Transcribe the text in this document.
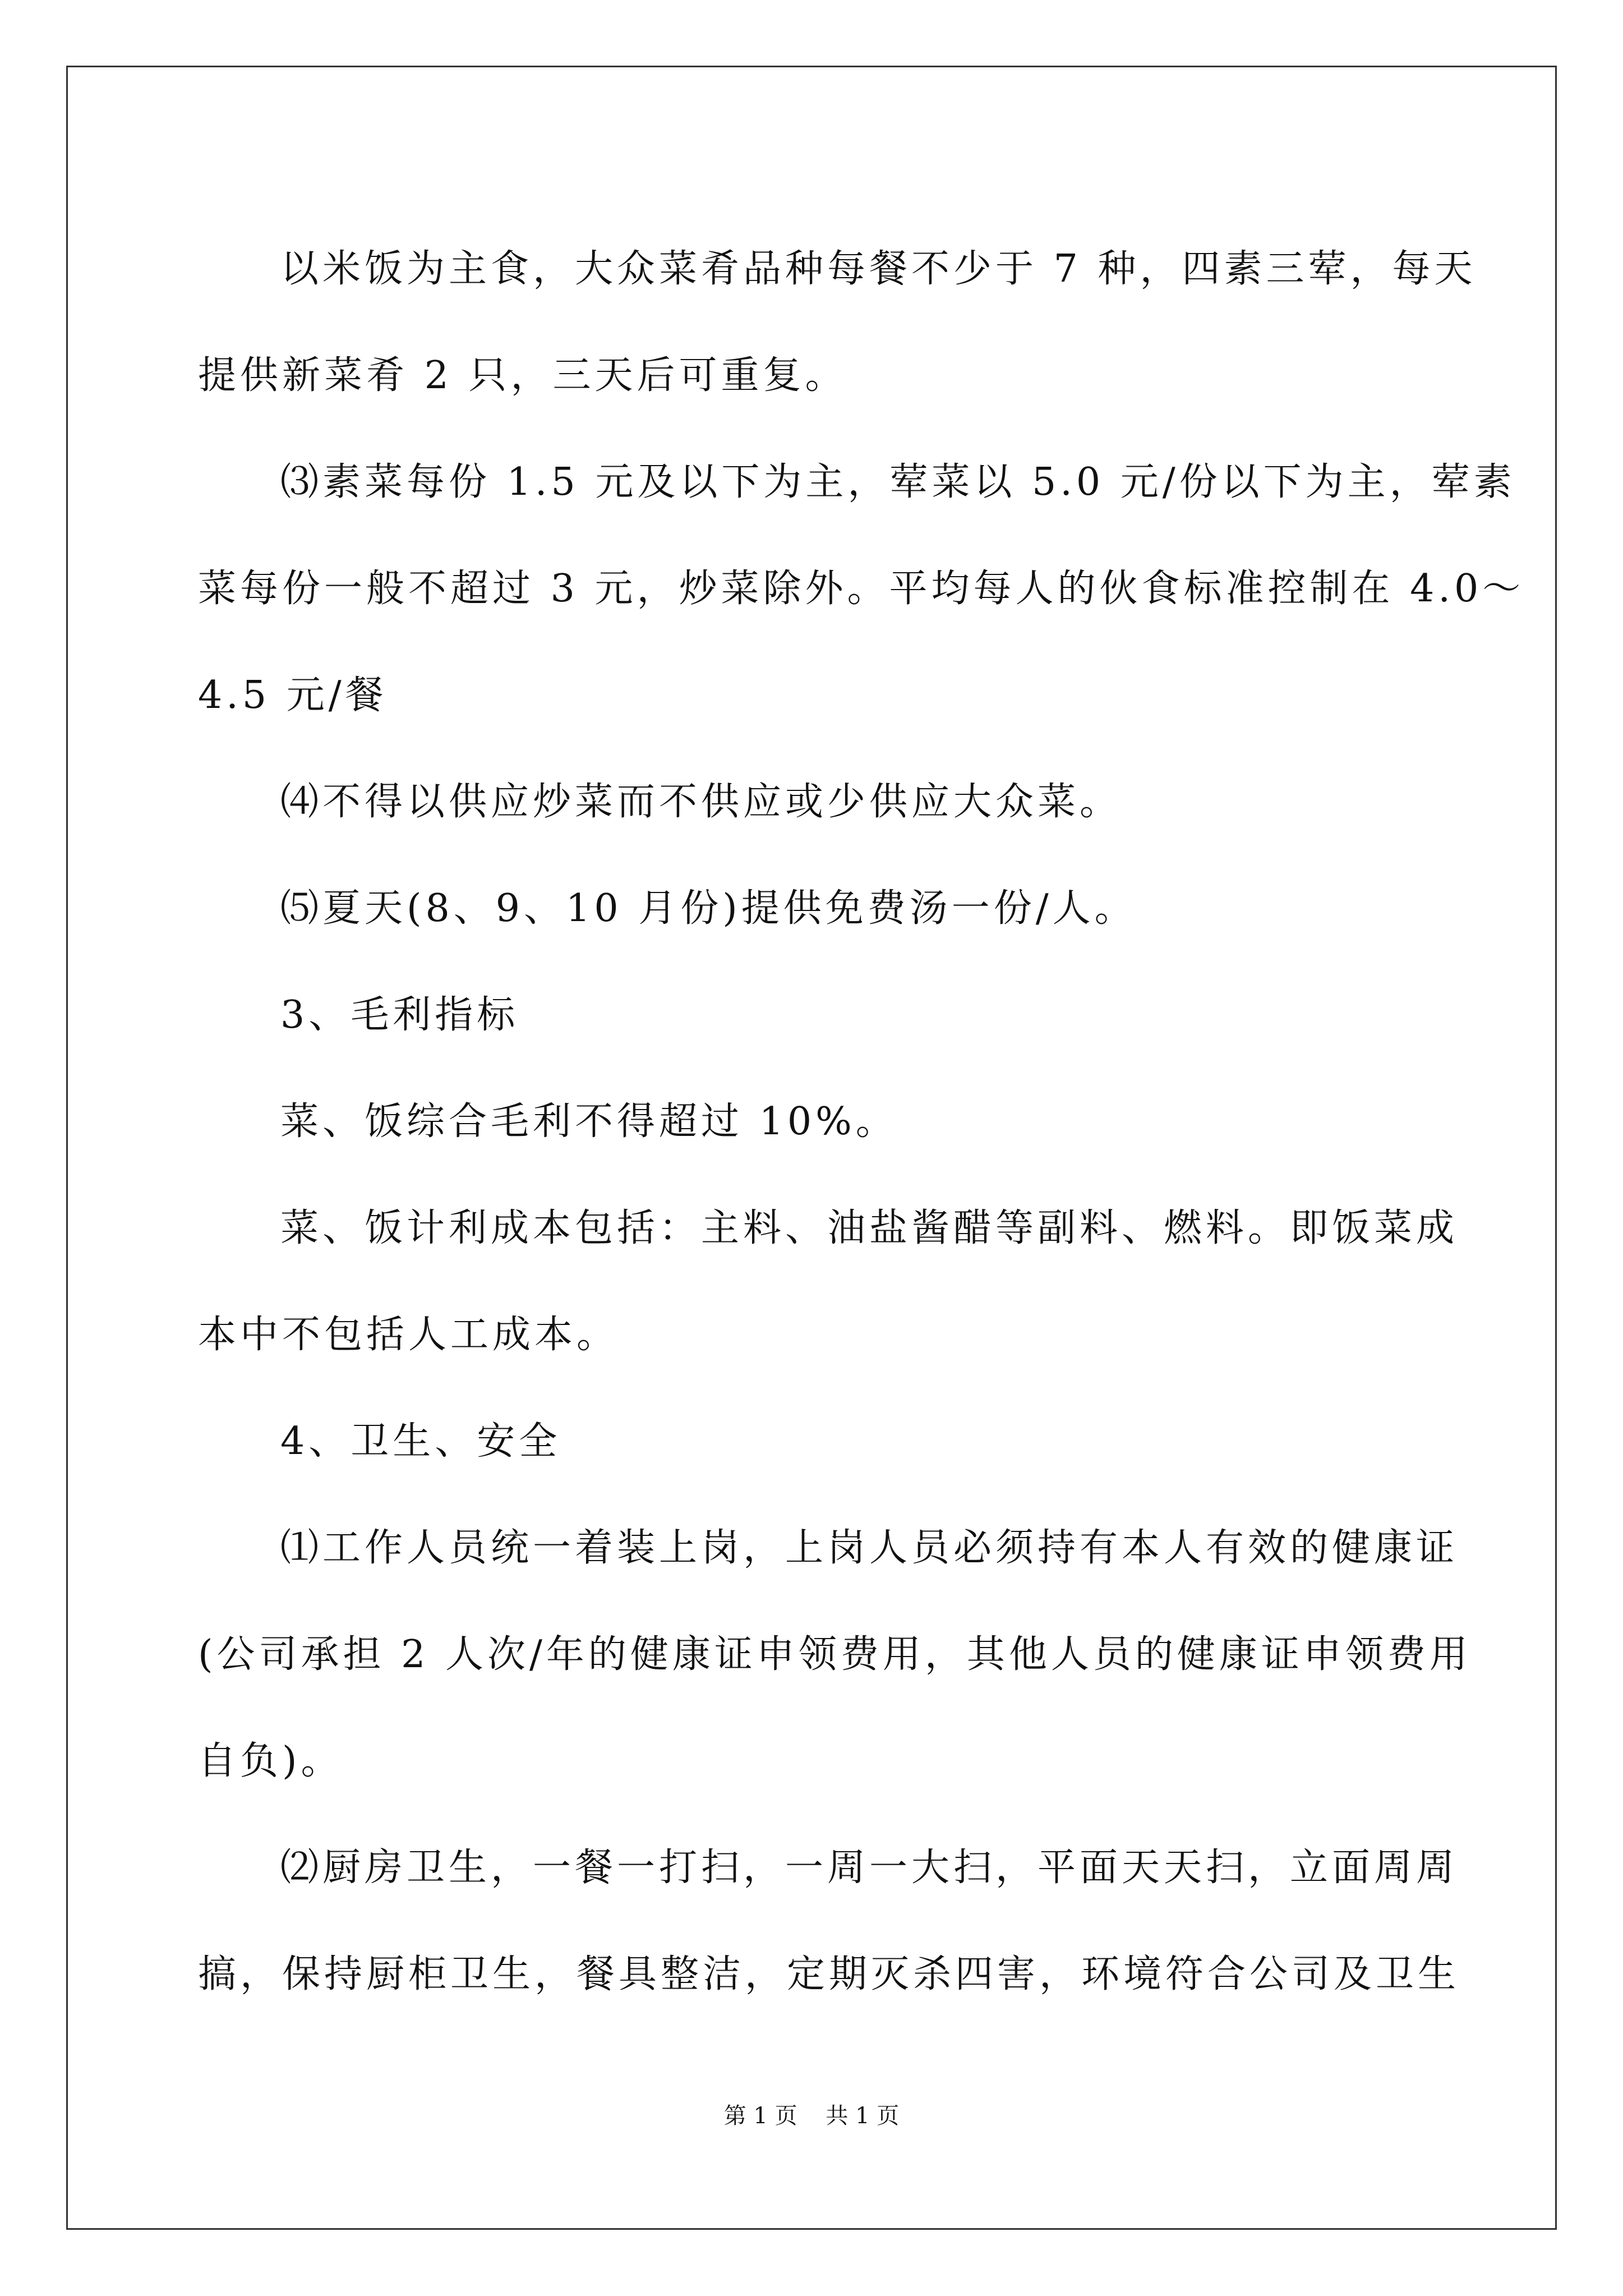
以米饭为主食，大众菜肴品种每餐不少于 7 种，四素三荤，每天
提供新菜肴 2 只，三天后可重复。
⑶素菜每份 1.5 元及以下为主，荤菜以 5.0 元/份以下为主，荤素
菜每份一般不超过 3 元，炒菜除外。平均每人的伙食标准控制在 4.0～
4.5 元/餐
⑷不得以供应炒菜而不供应或少供应大众菜。
⑸夏天(8、9、10 月份)提供免费汤一份/人。
3、毛利指标
菜、饭综合毛利不得超过 10%。
菜、饭计利成本包括：主料、油盐酱醋等副料、燃料。即饭菜成
本中不包括人工成本。
4、卫生、安全
⑴工作人员统一着装上岗，上岗人员必须持有本人有效的健康证
(公司承担 2 人次/年的健康证申领费用，其他人员的健康证申领费用
自负)。
⑵厨房卫生，一餐一打扫，一周一大扫，平面天天扫，立面周周
搞，保持厨柜卫生，餐具整洁，定期灭杀四害，环境符合公司及卫生
第 1 页    共 1 页
